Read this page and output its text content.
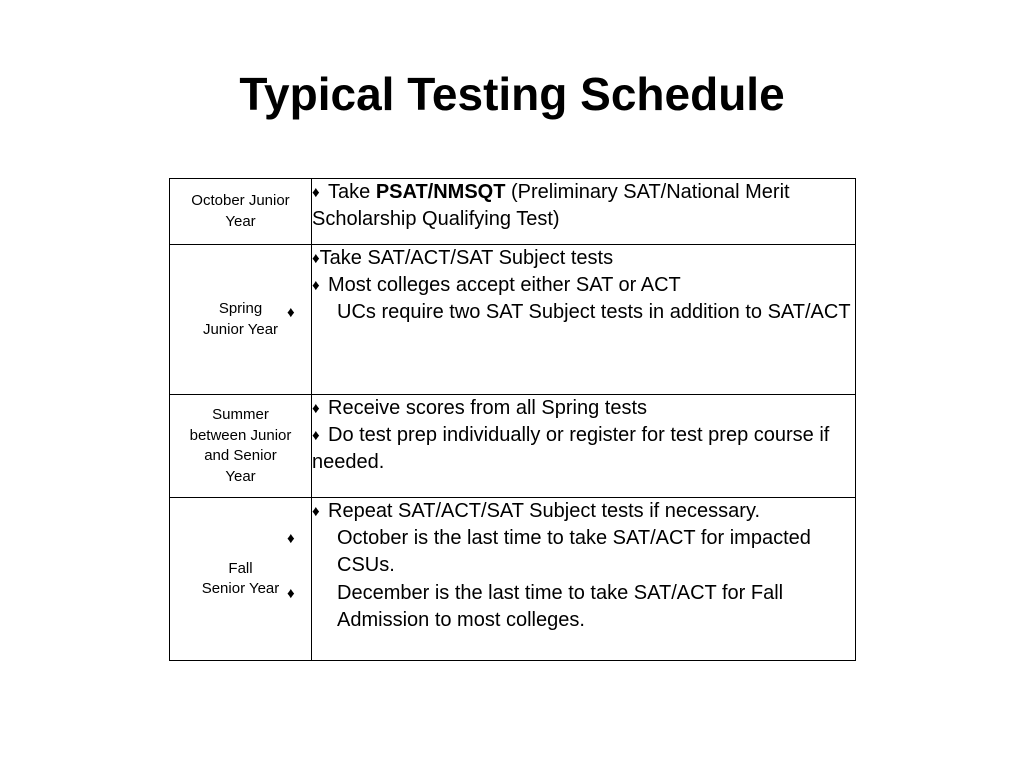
Typical Testing Schedule
October Junior
Year	♦ Take PSAT/NMSQT (Preliminary SAT/National Merit Scholarship Qualifying Test)

Spring
Junior Year	♦Take SAT/ACT/SAT Subject tests
♦ Most colleges accept either SAT or ACT
♦ UCs require two SAT Subject tests in addition to SAT/ACT

Summer
between Junior
and Senior
Year	♦ Receive scores from all Spring tests
♦ Do test prep individually or register for test prep course if needed.

Fall
Senior Year	♦ Repeat SAT/ACT/SAT Subject tests if necessary.
♦ October is the last time to take SAT/ACT for impacted CSUs.
♦ December is the last time to take SAT/ACT for Fall Admission to most colleges.
